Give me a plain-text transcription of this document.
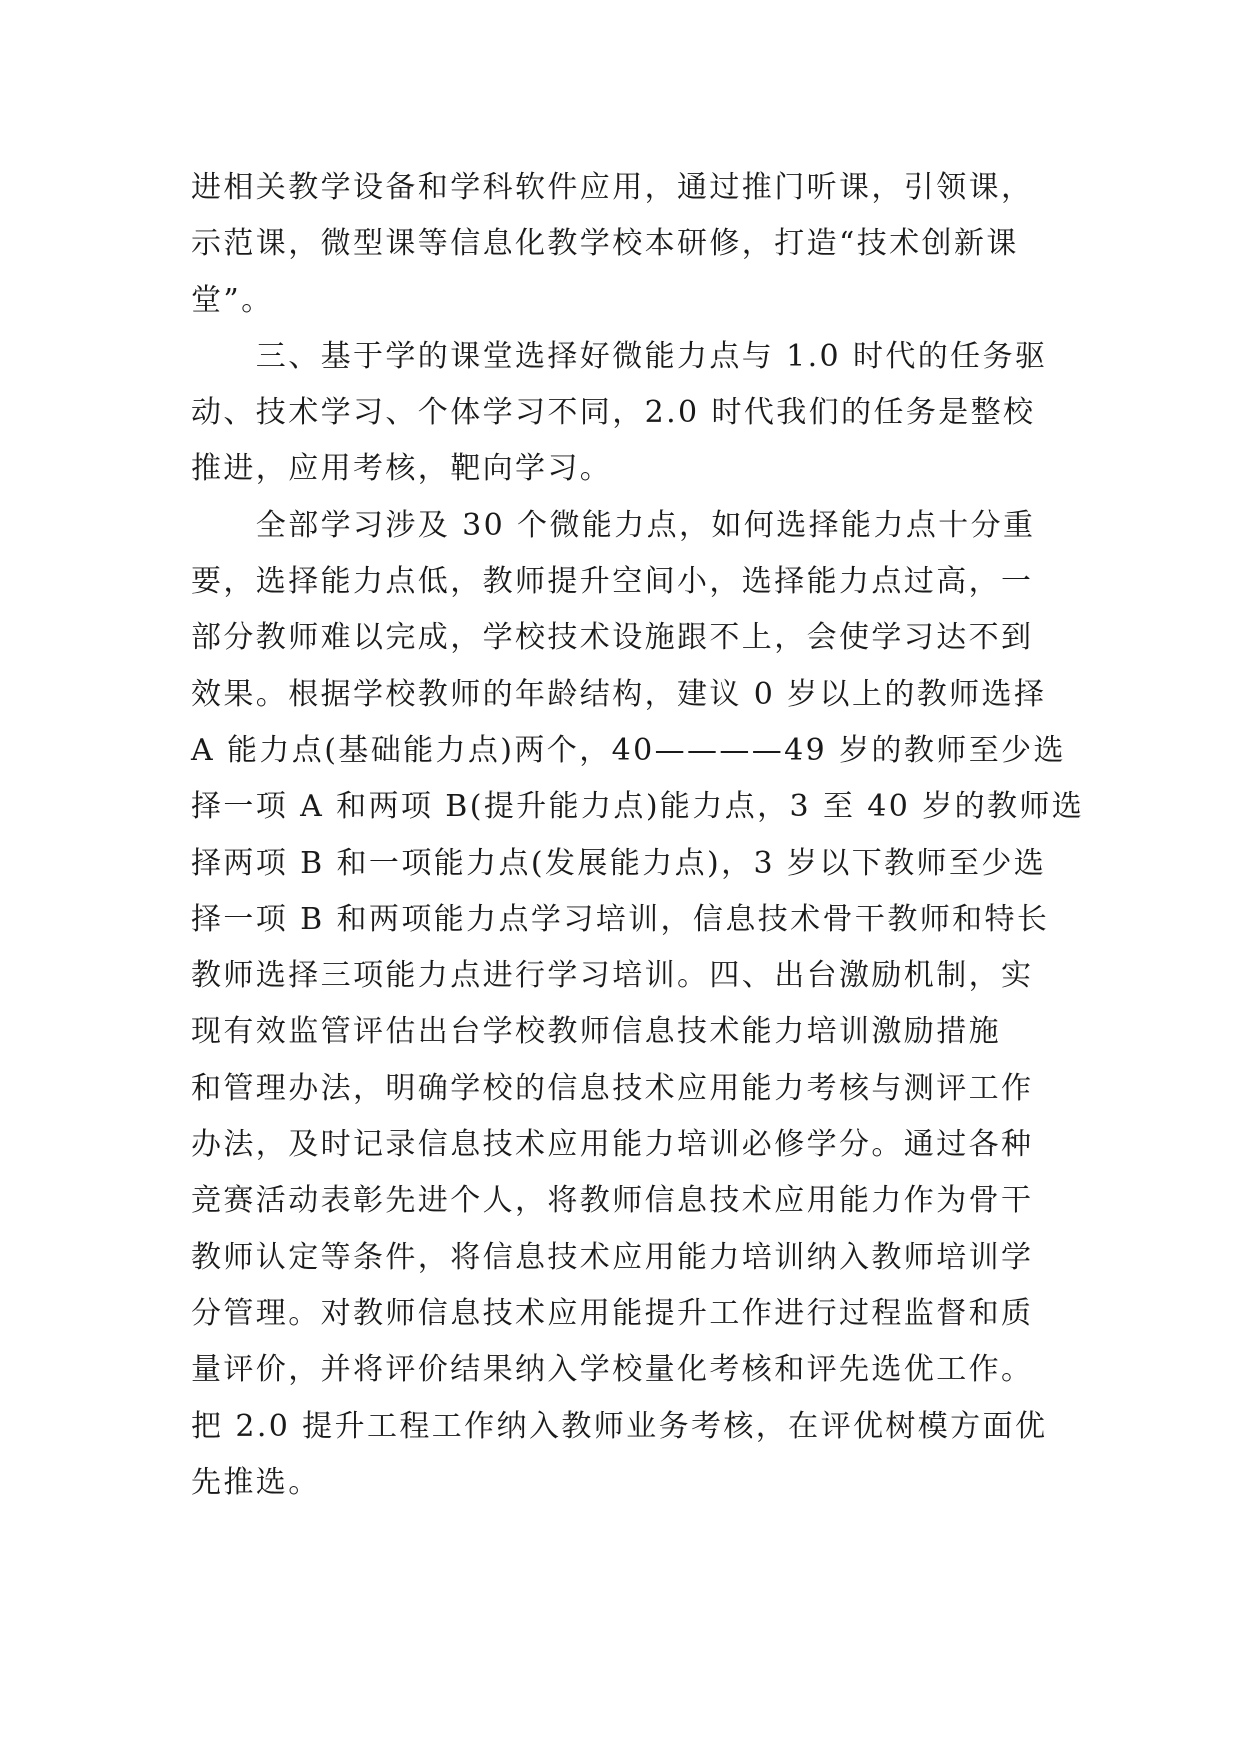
进相关教学设备和学科软件应用，通过推门听课，引领课，
示范课，微型课等信息化教学校本研修，打造“技术创新课
堂”。
　　三、基于学的课堂选择好微能力点与 1.0 时代的任务驱
动、技术学习、个体学习不同，2.0 时代我们的任务是整校
推进，应用考核，靶向学习。
　　全部学习涉及 30 个微能力点，如何选择能力点十分重
要，选择能力点低，教师提升空间小，选择能力点过高，一
部分教师难以完成，学校技术设施跟不上，会使学习达不到
效果。根据学校教师的年龄结构，建议 0 岁以上的教师选择
A 能力点(基础能力点)两个，40————49 岁的教师至少选
择一项 A 和两项 B(提升能力点)能力点，3 至 40 岁的教师选
择两项 B 和一项能力点(发展能力点)，3 岁以下教师至少选
择一项 B 和两项能力点学习培训，信息技术骨干教师和特长
教师选择三项能力点进行学习培训。四、出台激励机制，实
现有效监管评估出台学校教师信息技术能力培训激励措施
和管理办法，明确学校的信息技术应用能力考核与测评工作
办法，及时记录信息技术应用能力培训必修学分。通过各种
竞赛活动表彰先进个人，将教师信息技术应用能力作为骨干
教师认定等条件，将信息技术应用能力培训纳入教师培训学
分管理。对教师信息技术应用能提升工作进行过程监督和质
量评价，并将评价结果纳入学校量化考核和评先选优工作。
把 2.0 提升工程工作纳入教师业务考核，在评优树模方面优
先推选。
